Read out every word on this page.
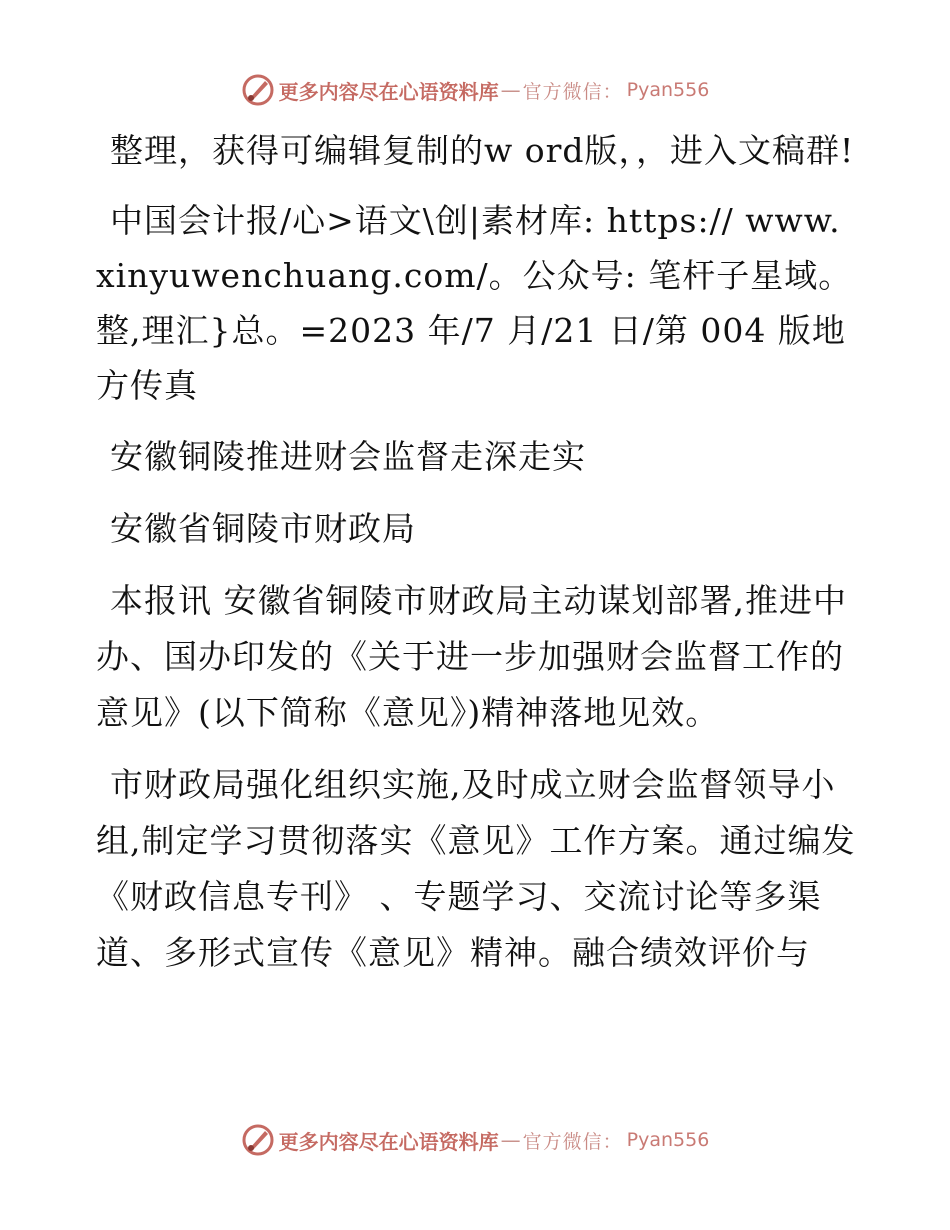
更多内容尽在心语资料库 — 官方微信： Pyan556

整理，获得可编辑复制的w ord版，，进入文稿群!

中国会计报/心>语文\创|素材库: https:// www.xinyuwenchuang.com/。公众号: 笔杆子星域。整,理汇}总。=2023 年/7 月/21 日/第 004 版地方传真

安徽铜陵推进财会监督走深走实

安徽省铜陵市财政局

本报讯 安徽省铜陵市财政局主动谋划部署,推进中办、国办印发的《关于进一步加强财会监督工作的意见》(以下简称《意见》)精神落地见效。

市财政局强化组织实施,及时成立财会监督领导小组,制定学习贯彻落实《意见》工作方案。通过编发《财政信息专刊》 、专题学习、交流讨论等多渠道、多形式宣传《意见》精神。融合绩效评价与

更多内容尽在心语资料库 — 官方微信： Pyan556
